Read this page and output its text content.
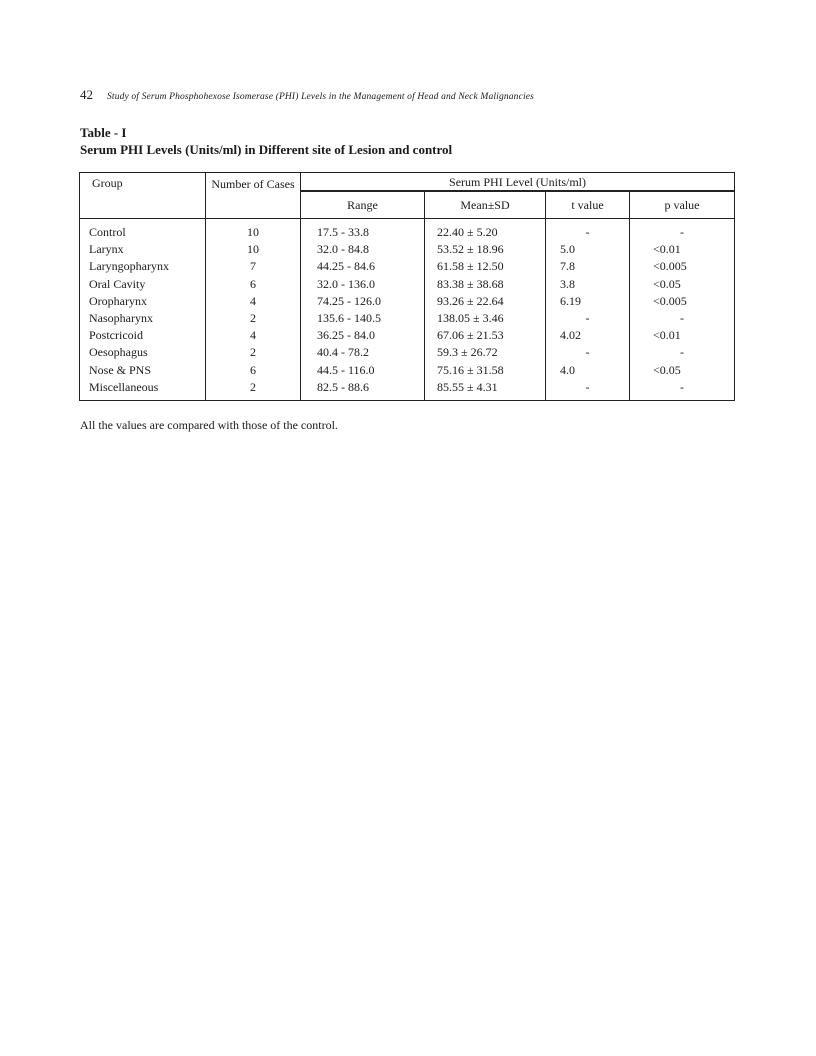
42 Study of Serum Phosphohexose Isomerase (PHI) Levels in the Management of Head and Neck Malignancies
Table - I
Serum PHI Levels (Units/ml) in Different site of Lesion and control
Group	Number of Cases	Serum PHI Level (Units/ml)			
		Range	Mean±SD	t value	p value
Control	10	17.5 - 33.8	22.40 ± 5.20	-	-
Larynx	10	32.0 - 84.8	53.52 ± 18.96	5.0	<0.01
Laryngopharynx	7	44.25 - 84.6	61.58 ± 12.50	7.8	<0.005
Oral Cavity	6	32.0 - 136.0	83.38 ± 38.68	3.8	<0.05
Oropharynx	4	74.25 - 126.0	93.26 ± 22.64	6.19	<0.005
Nasopharynx	2	135.6 - 140.5	138.05 ± 3.46	-	-
Postcricoid	4	36.25 - 84.0	67.06 ± 21.53	4.02	<0.01
Oesophagus	2	40.4 - 78.2	59.3 ± 26.72	-	-
Nose & PNS	6	44.5 - 116.0	75.16 ± 31.58	4.0	<0.05
Miscellaneous	2	82.5 - 88.6	85.55 ± 4.31	-	-
All the values are compared with those of the control.
